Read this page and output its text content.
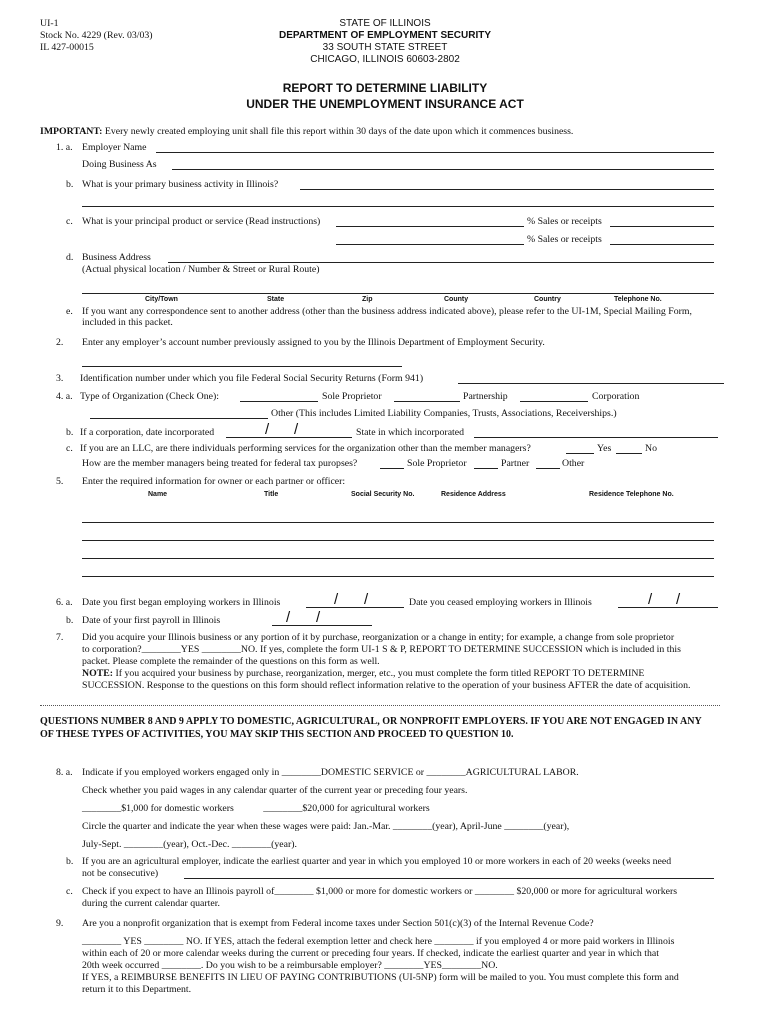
UI-1
Stock No. 4229 (Rev. 03/03)
IL 427-00015
STATE OF ILLINOIS
DEPARTMENT OF EMPLOYMENT SECURITY
33 SOUTH STATE STREET
CHICAGO, ILLINOIS 60603-2802
REPORT TO DETERMINE LIABILITY
UNDER THE UNEMPLOYMENT INSURANCE ACT
IMPORTANT: Every newly created employing unit shall file this report within 30 days of the date upon which it commences business.
1. a. Employer Name
Doing Business As
b. What is your primary business activity in Illinois?
c. What is your principal product or service (Read instructions)	% Sales or receipts
% Sales or receipts
d. Business Address
(Actual physical location / Number & Street or Rural Route)
City/Town	State	Zip	County	Country	Telephone No.
e. If you want any correspondence sent to another address (other than the business address indicated above), please refer to the UI-1M, Special Mailing Form, included in this packet.
2. Enter any employer’s account number previously assigned to you by the Illinois Department of Employment Security.
3. Identification number under which you file Federal Social Security Returns (Form 941)
4. a. Type of Organization (Check One):	Sole Proprietor	Partnership	Corporation
Other (This includes Limited Liability Companies, Trusts, Associations, Receiverships.)
b. If a corporation, date incorporated	/ /	State in which incorporated
c. If you are an LLC, are there individuals performing services for the organization other than the member managers?	Yes	No
How are the member managers being treated for federal tax puropses?	Sole Proprietor	Partner	Other
5. Enter the required information for owner or each partner or officer:
Name	Title	Social Security No.	Residence Address	Residence Telephone No.
6. a. Date you first began employing workers in Illinois	/ /	Date you ceased employing workers in Illinois	/ /
b. Date of your first payroll in Illinois	/ /
7. Did you acquire your Illinois business or any portion of it by purchase, reorganization or a change in entity; for example, a change from sole proprietor
to corporation?________YES ________NO. If yes, complete the form UI-1 S & P, REPORT TO DETERMINE SUCCESSION which is included in this
packet. Please complete the remainder of the questions on this form as well.
NOTE: If you acquired your business by purchase, reorganization, merger, etc., you must complete the form titled REPORT TO DETERMINE
SUCCESSION. Response to the questions on this form should reflect information relative to the operation of your business AFTER the date of acquisition.
QUESTIONS NUMBER 8 AND 9 APPLY TO DOMESTIC, AGRICULTURAL, OR NONPROFIT EMPLOYERS. IF YOU ARE NOT ENGAGED IN ANY
OF THESE TYPES OF ACTIVITIES, YOU MAY SKIP THIS SECTION AND PROCEED TO QUESTION 10.
8. a. Indicate if you employed workers engaged only in ________DOMESTIC SERVICE or ________AGRICULTURAL LABOR.
Check whether you paid wages in any calendar quarter of the current year or preceding four years.
________$1,000 for domestic workers            ________$20,000 for agricultural workers
Circle the quarter and indicate the year when these wages were paid: Jan.-Mar. ________(year), April-June ________(year),
July-Sept. ________(year), Oct.-Dec. ________(year).
b. If you are an agricultural employer, indicate the earliest quarter and year in which you employed 10 or more workers in each of 20 weeks (weeks need
not be consecutive)
c. Check if you expect to have an Illinois payroll of________ $1,000 or more for domestic workers or ________ $20,000 or more for agricultural workers
during the current calendar quarter.
9. Are you a nonprofit organization that is exempt from Federal income taxes under Section 501(c)(3) of the Internal Revenue Code?
________ YES ________ NO. If YES, attach the federal exemption letter and check here ________ if you employed 4 or more paid workers in Illinois
within each of 20 or more calendar weeks during the current or preceding four years. If checked, indicate the earliest quarter and year in which that
20th week occurred ________. Do you wish to be a reimbursable employer? ________YES________NO.
If YES, a REIMBURSE BENEFITS IN LIEU OF PAYING CONTRIBUTIONS (UI-5NP) form will be mailed to you. You must complete this form and
return it to this Department.
